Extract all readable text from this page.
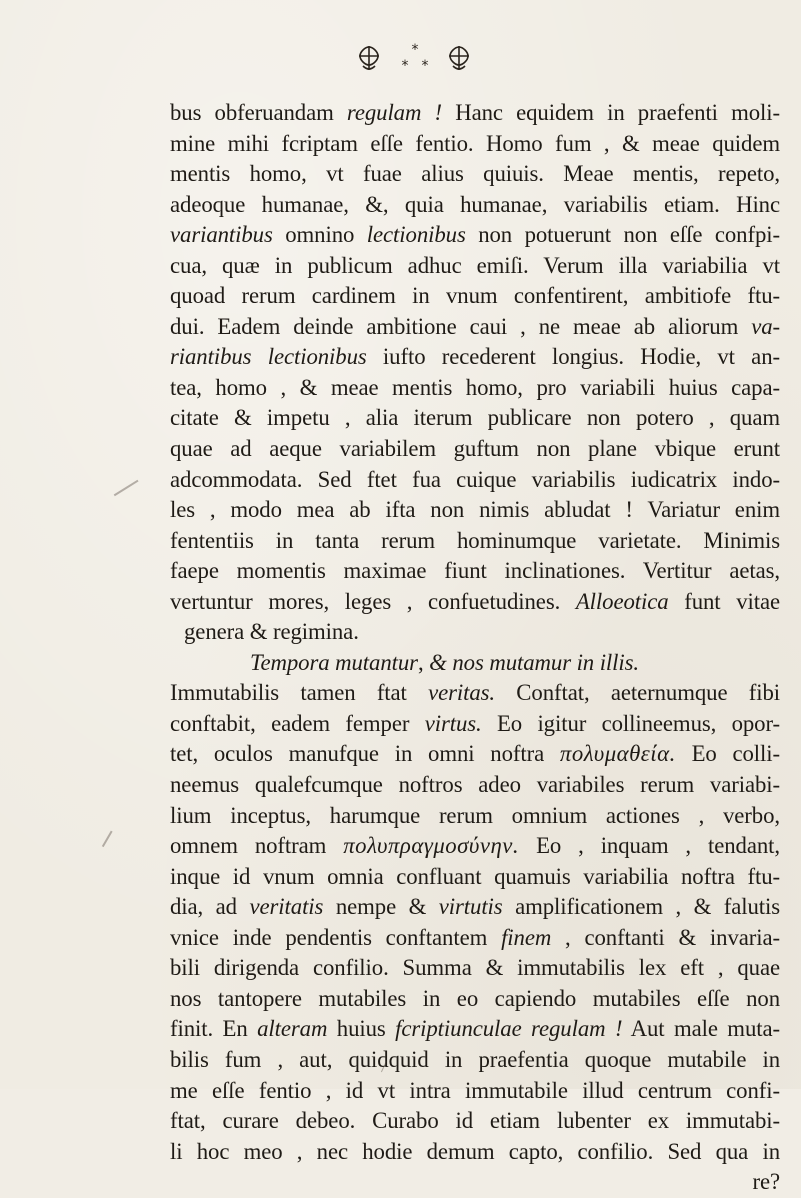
*
* *
bus obferuandam regulam ! Hanc equidem in praefenti moli-
mine mihi fcriptam eſſe fentio. Homo fum , & meae quidem
mentis homo, vt fuae alius quiuis. Meae mentis, repeto,
adeoque humanae, &, quia humanae, variabilis etiam. Hinc
variantibus omnino lectionibus non potuerunt non eſſe confpi-
cua, quæ in publicum adhuc emiſi. Verum illa variabilia vt
quoad rerum cardinem in vnum confentirent, ambitiofe ftu-
dui. Eadem deinde ambitione caui , ne meae ab aliorum va-
riantibus lectionibus iufto recederent longius. Hodie, vt an-
tea, homo , & meae mentis homo, pro variabili huius capa-
citate & impetu , alia iterum publicare non potero , quam
quae ad aeque variabilem guftum non plane vbique erunt
adcommodata. Sed ftet fua cuique variabilis iudicatrix indo-
les , modo mea ab ifta non nimis abludat ! Variatur enim
fententiis in tanta rerum hominumque varietate. Minimis
faepe momentis maximae fiunt inclinationes. Vertitur aetas,
vertuntur mores, leges , confuetudines. Alloeotica funt vitae
genera & regimina.
Tempora mutantur, & nos mutamur in illis.
Immutabilis tamen ftat veritas. Conftat, aeternumque fibi
conftabit, eadem femper virtus. Eo igitur collineemus, opor-
tet, oculos manufque in omni noftra πολυμαθεία. Eo colli-
neemus qualefcumque noftros adeo variabiles rerum variabi-
lium inceptus, harumque rerum omnium actiones , verbo,
omnem noftram πολυπραγμοσύνην. Eo , inquam , tendant,
inque id vnum omnia confluant quamuis variabilia noftra ftu-
dia, ad veritatis nempe & virtutis amplificationem , & falutis
vnice inde pendentis conftantem finem , conftanti & invaria-
bili dirigenda confilio. Summa & immutabilis lex eft , quae
nos tantopere mutabiles in eo capiendo mutabiles eſſe non
finit. En alteram huius fcriptiunculae regulam ! Aut male muta-
bilis fum , aut, quidquid in praefentia quoque mutabile in
me eſſe fentio , id vt intra immutabile illud centrum confi-
ftat, curare debeo. Curabo id etiam lubenter ex immutabi-
li hoc meo , nec hodie demum capto, confilio. Sed qua in
re?
